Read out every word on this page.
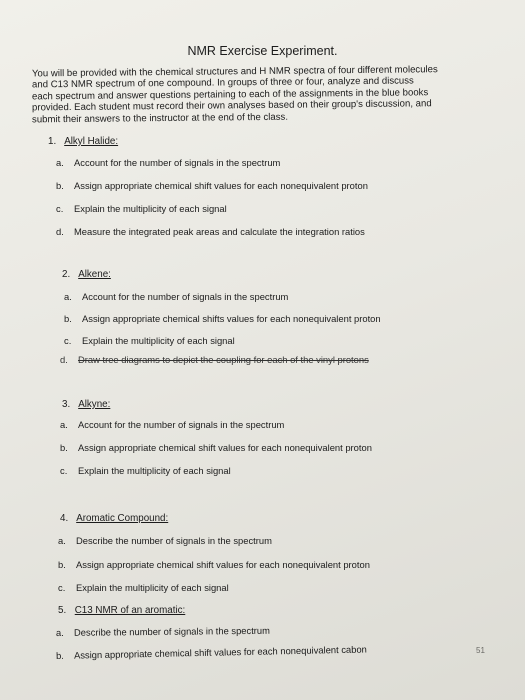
NMR Exercise Experiment.
You will be provided with the chemical structures and H NMR spectra of four different molecules
and C13 NMR spectrum of one compound. In groups of three or four, analyze and discuss
each spectrum and answer questions pertaining to each of the assignments in the blue books
provided. Each student must record their own analyses based on their group's discussion, and
submit their answers to the instructor at the end of the class.
1. Alkyl Halide:
a. Account for the number of signals in the spectrum
b. Assign appropriate chemical shift values for each nonequivalent proton
c. Explain the multiplicity of each signal
d. Measure the integrated peak areas and calculate the integration ratios
2. Alkene:
a. Account for the number of signals in the spectrum
b. Assign appropriate chemical shifts values for each nonequivalent proton
c. Explain the multiplicity of each signal
d. Draw tree diagrams to depict the coupling for each of the vinyl protons
3. Alkyne:
a. Account for the number of signals in the spectrum
b. Assign appropriate chemical shift values for each nonequivalent proton
c. Explain the multiplicity of each signal
4. Aromatic Compound:
a. Describe the number of signals in the spectrum
b. Assign appropriate chemical shift values for each nonequivalent proton
c. Explain the multiplicity of each signal
5. C13 NMR of an aromatic:
a. Describe the number of signals in the spectrum
b. Assign appropriate chemical shift values for each nonequivalent cabon	51
